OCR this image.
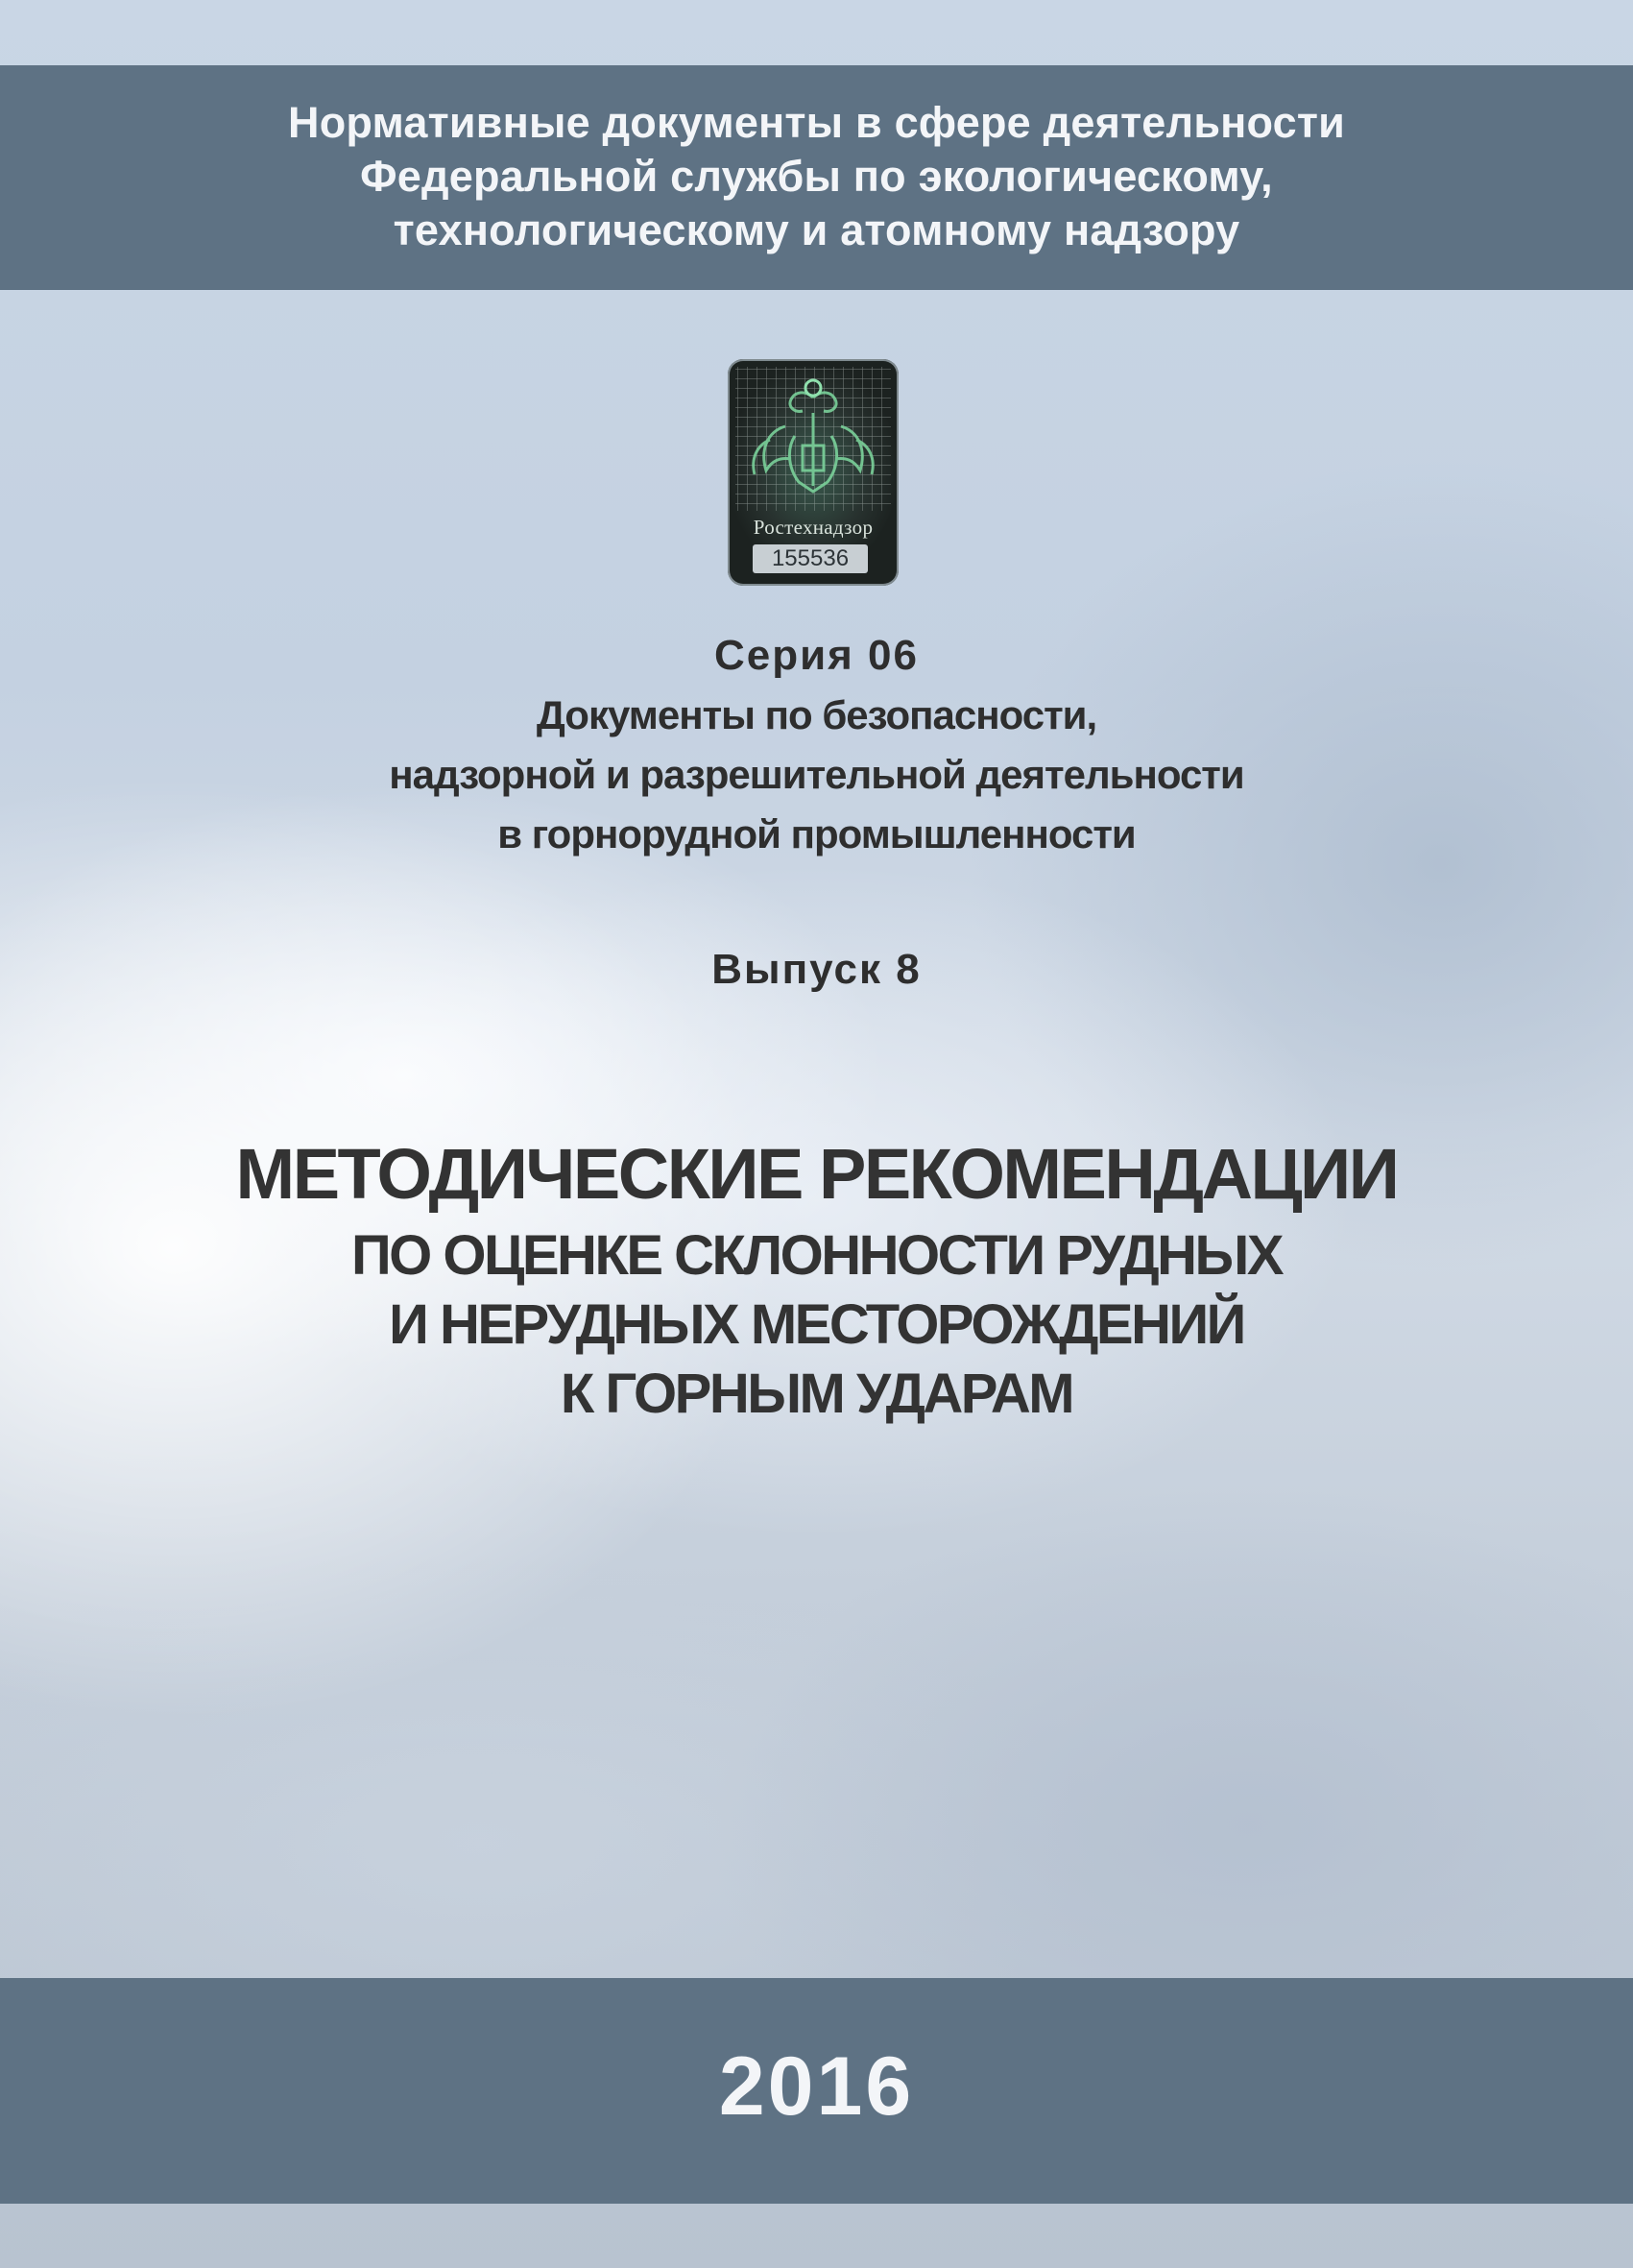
Нормативные документы в сфере деятельности
Федеральной службы по экологическому,
технологическому и атомному надзору
Ростехнадзор
155536
Серия 06
Документы по безопасности,
надзорной и разрешительной деятельности
в горнорудной промышленности
Выпуск 8
МЕТОДИЧЕСКИЕ РЕКОМЕНДАЦИИ
ПО ОЦЕНКЕ СКЛОННОСТИ РУДНЫХ
И НЕРУДНЫХ МЕСТОРОЖДЕНИЙ
К ГОРНЫМ УДАРАМ
2016
